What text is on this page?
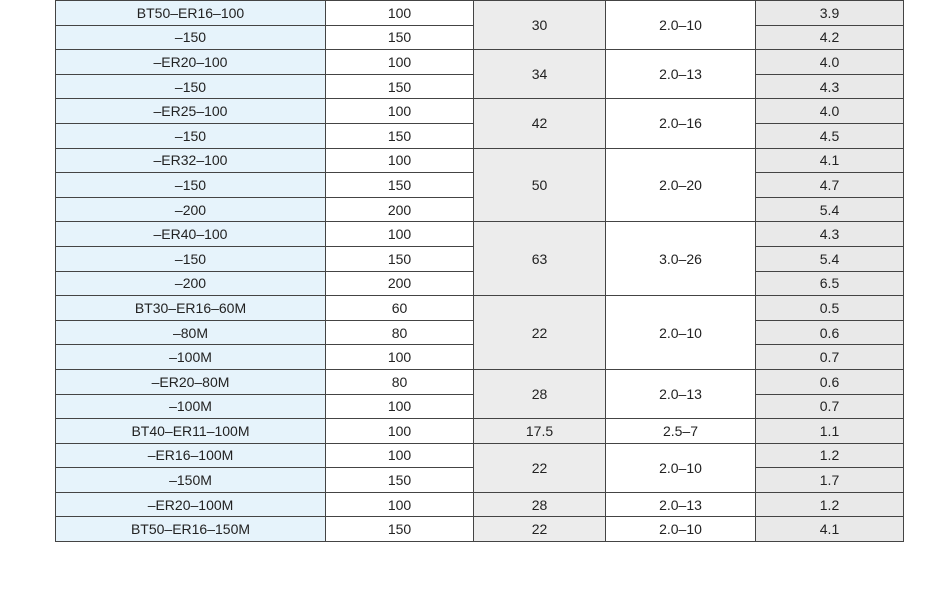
BT50–ER16–100	100	30	2.0–10	3.9
–150	150			4.2
–ER20–100	100	34	2.0–13	4.0
–150	150			4.3
–ER25–100	100	42	2.0–16	4.0
–150	150			4.5
–ER32–100	100	50	2.0–20	4.1
–150	150			4.7
–200	200			5.4
–ER40–100	100	63	3.0–26	4.3
–150	150			5.4
–200	200			6.5
BT30–ER16–60M	60	22	2.0–10	0.5
–80M	80			0.6
–100M	100			0.7
–ER20–80M	80	28	2.0–13	0.6
–100M	100			0.7
BT40–ER11–100M	100	17.5	2.5–7	1.1
–ER16–100M	100	22	2.0–10	1.2
–150M	150			1.7
–ER20–100M	100	28	2.0–13	1.2
BT50–ER16–150M	150	22	2.0–10	4.1
